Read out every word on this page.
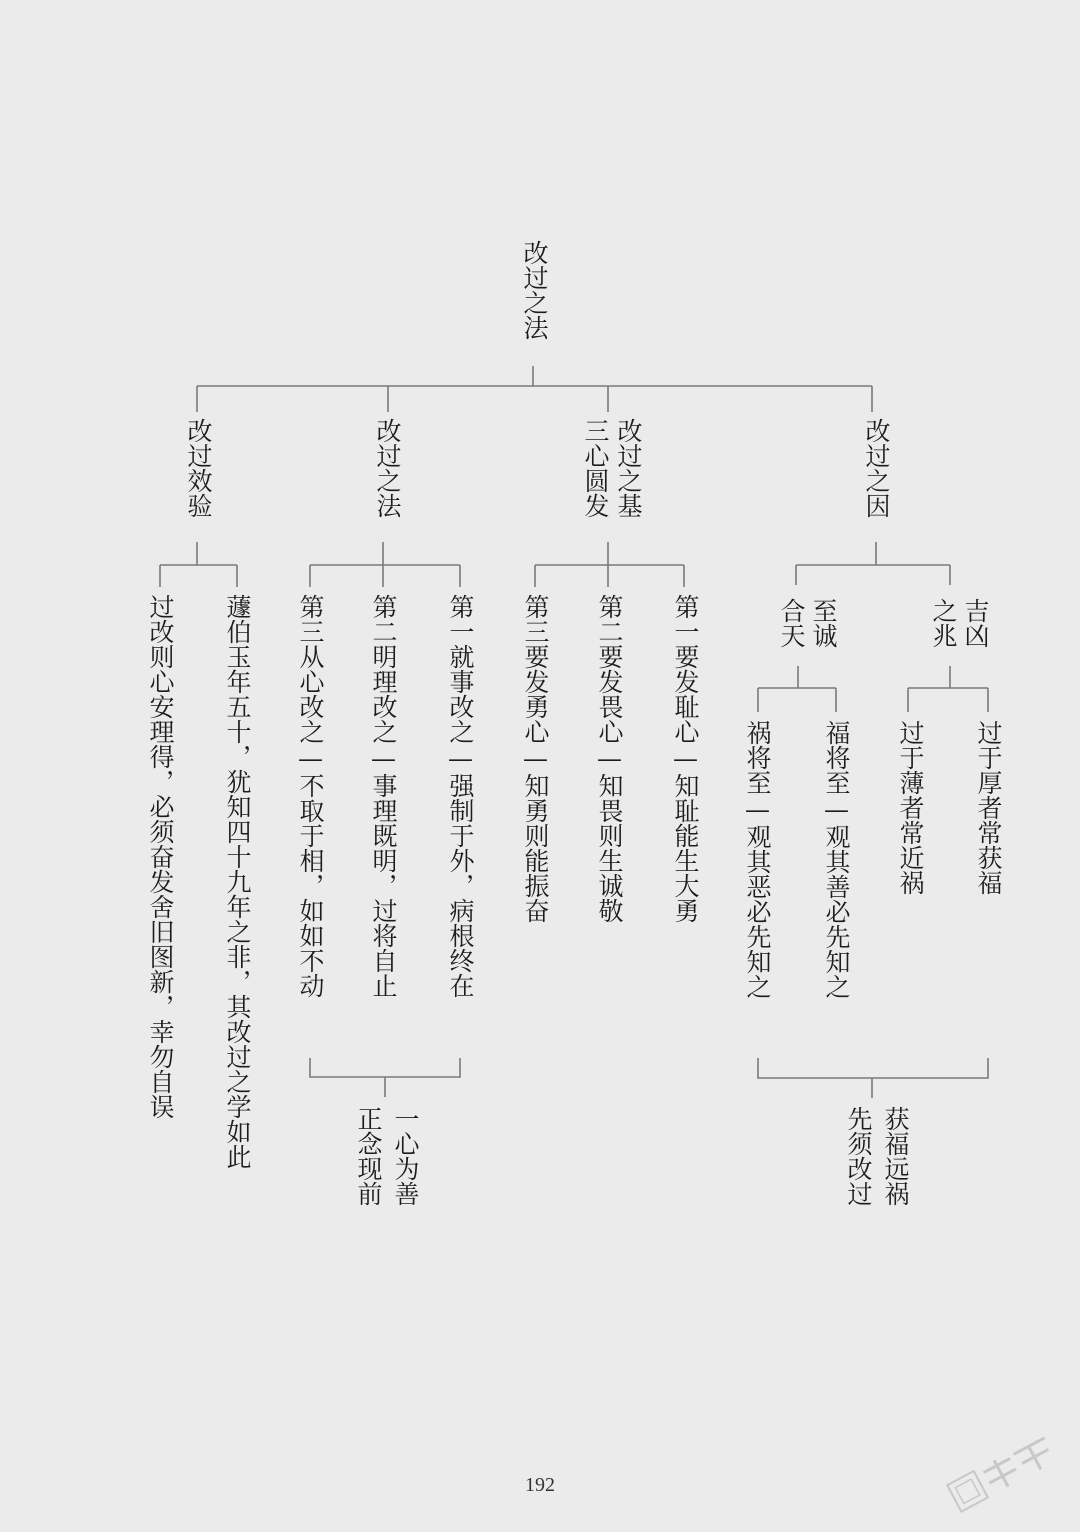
改过之法
改过效验	改过之法	改过之基
三心圆发	改过之因
蘧伯玉年五十，犹知四十九年之非，其改过之学如此
过改则心安理得，必须奋发舍旧图新，幸勿自误	第一就事改之—强制于外，病根终在
第二明理改之—事理既明，过将自止
第三从心改之—不取于相，如如不动
一心为善
正念现前
第一要发耻心—知耻能生大勇
第二要发畏心—知畏则生诚敬
第三要发勇心—知勇则能振奋	至诚
合天	吉凶
之兆
福将至—观其善必先知之
祸将至—观其恶必先知之	过于厚者常获福
过于薄者常近祸
获福远祸
先须改过
192
